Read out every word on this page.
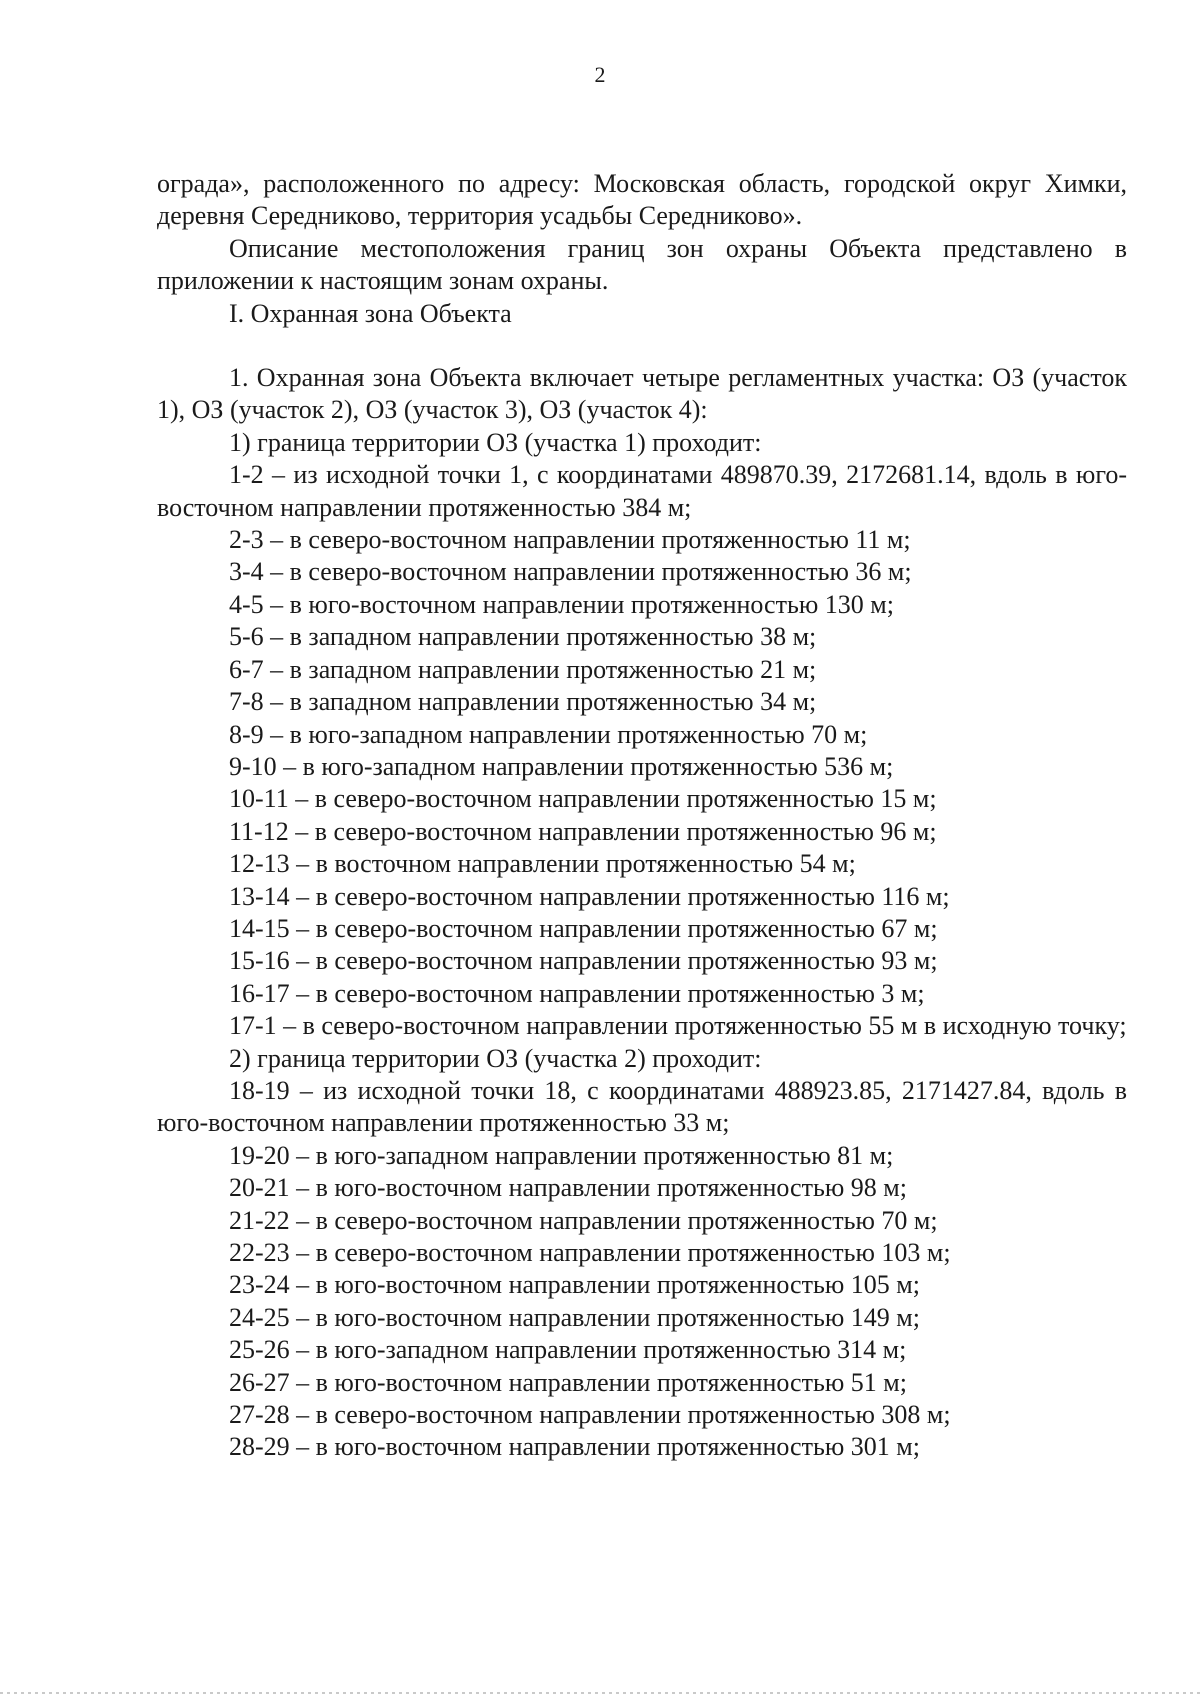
2

ограда», расположенного по адресу: Московская область, городской округ Химки, деревня Середниково, территория усадьбы Середниково».

Описание местоположения границ зон охраны Объекта представлено в приложении к настоящим зонам охраны.

I. Охранная зона Объекта

1. Охранная зона Объекта включает четыре регламентных участка: ОЗ (участок 1), ОЗ (участок 2), ОЗ (участок 3), ОЗ (участок 4):

1) граница территории ОЗ (участка 1) проходит:

1-2 – из исходной точки 1, с координатами 489870.39, 2172681.14, вдоль в юго-восточном направлении протяженностью 384 м;

2-3 – в северо-восточном направлении протяженностью 11 м;

3-4 – в северо-восточном направлении протяженностью 36 м;

4-5 – в юго-восточном направлении протяженностью 130 м;

5-6 – в западном направлении протяженностью 38 м;

6-7 – в западном направлении протяженностью 21 м;

7-8 – в западном направлении протяженностью 34 м;

8-9 – в юго-западном направлении протяженностью 70 м;

9-10 – в юго-западном направлении протяженностью 536 м;

10-11 – в северо-восточном направлении протяженностью 15 м;

11-12 – в северо-восточном направлении протяженностью 96 м;

12-13 – в восточном направлении протяженностью 54 м;

13-14 – в северо-восточном направлении протяженностью 116 м;

14-15 – в северо-восточном направлении протяженностью 67 м;

15-16 – в северо-восточном направлении протяженностью 93 м;

16-17 – в северо-восточном направлении протяженностью 3 м;

17-1 – в северо-восточном направлении протяженностью 55 м в исходную точку;

2) граница территории ОЗ (участка 2) проходит:

18-19 – из исходной точки 18, с координатами 488923.85, 2171427.84, вдоль в юго-восточном направлении протяженностью 33 м;

19-20 – в юго-западном направлении протяженностью 81 м;

20-21 – в юго-восточном направлении протяженностью 98 м;

21-22 – в северо-восточном направлении протяженностью 70 м;

22-23 – в северо-восточном направлении протяженностью 103 м;

23-24 – в юго-восточном направлении протяженностью 105 м;

24-25 – в юго-восточном направлении протяженностью 149 м;

25-26 – в юго-западном направлении протяженностью 314 м;

26-27 – в юго-восточном направлении протяженностью 51 м;

27-28 – в северо-восточном направлении протяженностью 308 м;

28-29 – в юго-восточном направлении протяженностью 301 м;
